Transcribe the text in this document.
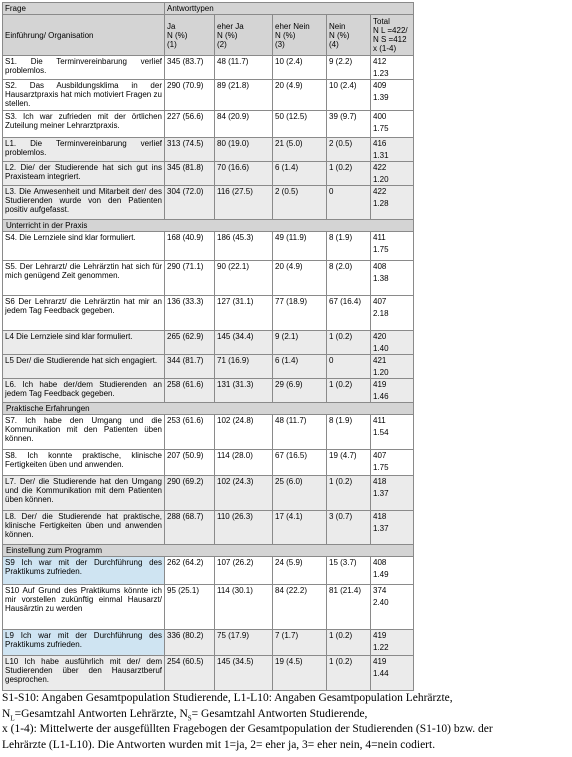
Frage	Antworttypen				
Einführung/ Organisation	Ja
N (%)
(1)	eher Ja
N (%)
(2)	eher Nein
N (%)
(3)	Nein
N (%)
(4)	Total
N L =422/
N S =412
x (1-4)

S1. Die Terminvereinbarung verlief problemlos.	345 (83.7)	48 (11.7)	10 (2.4)	9 (2.2)	412
1.23

S2. Das Ausbildungsklima in der Hausarztpraxis hat mich motiviert Fragen zu stellen.	290 (70.9)	89 (21.8)	20 (4.9)	10 (2.4)	409
1.39

S3. Ich war zufrieden mit der örtlichen Zuteilung meiner Lehrarztpraxis.	227 (56.6)	84 (20.9)	50 (12.5)	39 (9.7)	400
1.75

L1. Die Terminvereinbarung verlief problemlos.	313 (74.5)	80 (19.0)	21 (5.0)	2 (0.5)	416
1.31

L2. Die/ der Studierende hat sich gut ins Praxisteam integriert.	345 (81.8)	70 (16.6)	6 (1.4)	1 (0.2)	422
1.20

L3. Die Anwesenheit und Mitarbeit der/ des Studierenden wurde von den Patienten positiv aufgefasst.	304 (72.0)	116 (27.5)	2 (0.5)	0	422
1.28

Unterricht in der Praxis					
S4. Die Lernziele sind klar formuliert.	168 (40.9)	186 (45.3)	49 (11.9)	8 (1.9)	411
1.75

S5. Der Lehrarzt/ die Lehrärztin hat sich für mich genügend Zeit genommen.	290 (71.1)	90 (22.1)	20 (4.9)	8 (2.0)	408
1.38

S6 Der Lehrarzt/ die Lehrärztin hat mir an jedem Tag Feedback gegeben.	136 (33.3)	127 (31.1)	77 (18.9)	67 (16.4)	407
2.18

L4 Die Lernziele sind klar formuliert.	265 (62.9)	145 (34.4)	9 (2.1)	1 (0.2)	420
1.40

L5 Der/ die Studierende hat sich engagiert.	344 (81.7)	71 (16.9)	6 (1.4)	0	421
1.20

L6. Ich habe der/dem Studierenden an jedem Tag Feedback gegeben.	258 (61.6)	131 (31.3)	29 (6.9)	1 (0.2)	419
1.46

Praktische Erfahrungen					
S7. Ich habe den Umgang und die Kommunikation mit den Patienten üben können.	253 (61.6)	102 (24.8)	48 (11.7)	8 (1.9)	411
1.54

S8. Ich konnte praktische, klinische Fertigkeiten üben und anwenden.	207 (50.9)	114 (28.0)	67 (16.5)	19 (4.7)	407
1.75

L7. Der/ die Studierende hat den Umgang und die Kommunikation mit dem Patienten üben können.	290 (69.2)	102 (24.3)	25 (6.0)	1 (0.2)	418
1.37

L8. Der/ die Studierende hat praktische, klinische Fertigkeiten üben und anwenden können.	288 (68.7)	110 (26.3)	17 (4.1)	3 (0.7)	418
1.37

Einstellung zum Programm					
S9 Ich war mit der Durchführung des Praktikums zufrieden.	262 (64.2)	107 (26.2)	24 (5.9)	15 (3.7)	408
1.49

S10 Auf Grund des Praktikums könnte ich mir vorstellen zukünftig einmal Hausarzt/ Hausärztin zu werden	95 (25.1)	114 (30.1)	84 (22.2)	81 (21.4)	374
2.40

L9 Ich war mit der Durchführung des Praktikums zufrieden.	336 (80.2)	75 (17.9)	7 (1.7)	1 (0.2)	419
1.22

L10 Ich habe ausführlich mit der/ dem Studierenden über den Hausarztberuf gesprochen.	254 (60.5)	145 (34.5)	19 (4.5)	1 (0.2)	419
1.44
S1-S10: Angaben Gesamtpopulation Studierende, L1-L10: Angaben Gesamtpopulation Lehrärzte,
$N_L=Gesamtzahl$ Antworten Lehrärzte, $N_S=$ Gesamtzahl Antworten Studierende,
x (1-4): Mittelwerte der ausgefüllten Fragebogen der Gesamtpopulation der Studierenden (S1-10) bzw. der
Lehrärzte (L1-L10). Die Antworten wurden mit 1=ja, 2= eher ja, 3= eher nein, 4=nein codiert.
